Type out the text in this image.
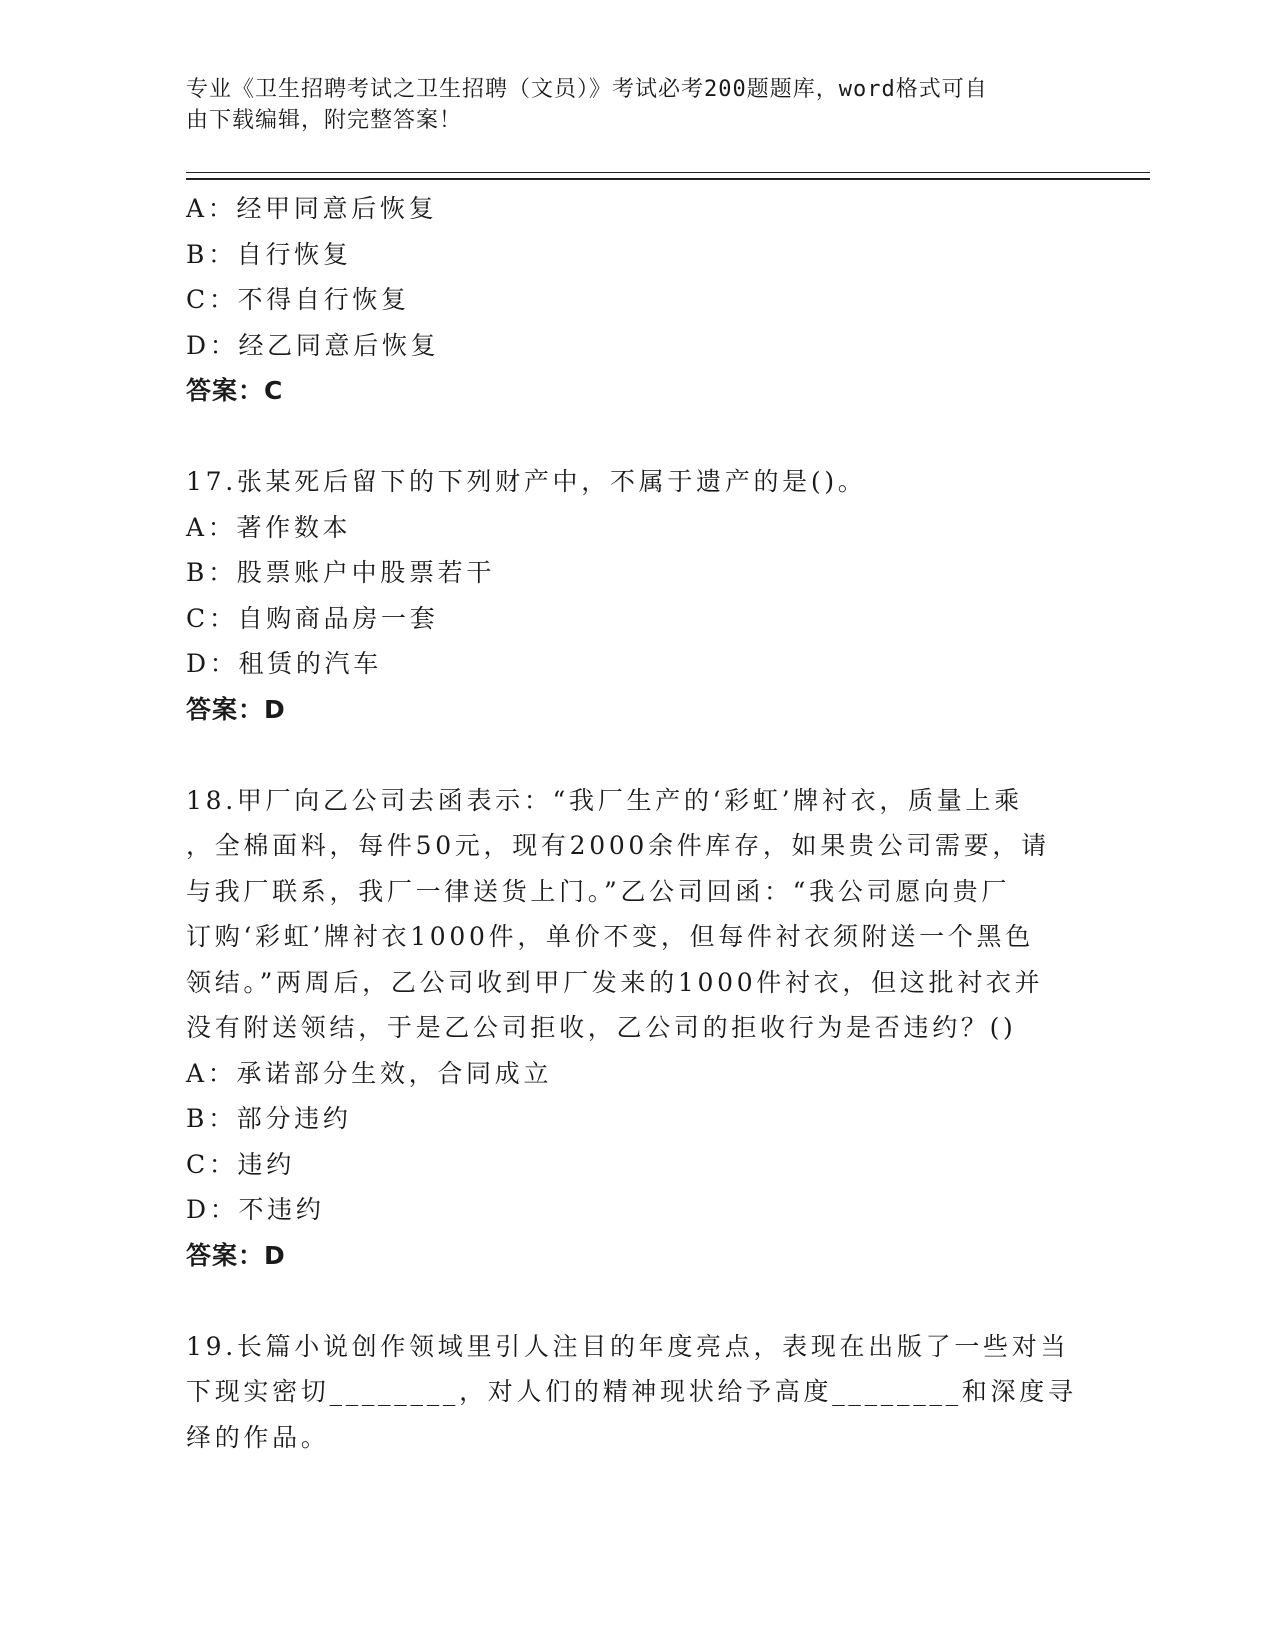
专业《卫生招聘考试之卫生招聘（文员）》考试必考200题题库，word格式可自
由下载编辑，附完整答案！
A：经甲同意后恢复
B：自行恢复
C：不得自行恢复
D：经乙同意后恢复
答案：C
17.张某死后留下的下列财产中，不属于遗产的是()。
A：著作数本
B：股票账户中股票若干
C：自购商品房一套
D：租赁的汽车
答案：D
18.甲厂向乙公司去函表示：“我厂生产的‘彩虹’牌衬衣，质量上乘
，全棉面料，每件50元，现有2000余件库存，如果贵公司需要，请
与我厂联系，我厂一律送货上门。”乙公司回函：“我公司愿向贵厂
订购‘彩虹’牌衬衣1000件，单价不变，但每件衬衣须附送一个黑色
领结。”两周后，乙公司收到甲厂发来的1000件衬衣，但这批衬衣并
没有附送领结，于是乙公司拒收，乙公司的拒收行为是否违约？()
A：承诺部分生效，合同成立
B：部分违约
C：违约
D：不违约
答案：D
19.长篇小说创作领域里引人注目的年度亮点，表现在出版了一些对当
下现实密切________，对人们的精神现状给予高度________和深度寻
绎的作品。
